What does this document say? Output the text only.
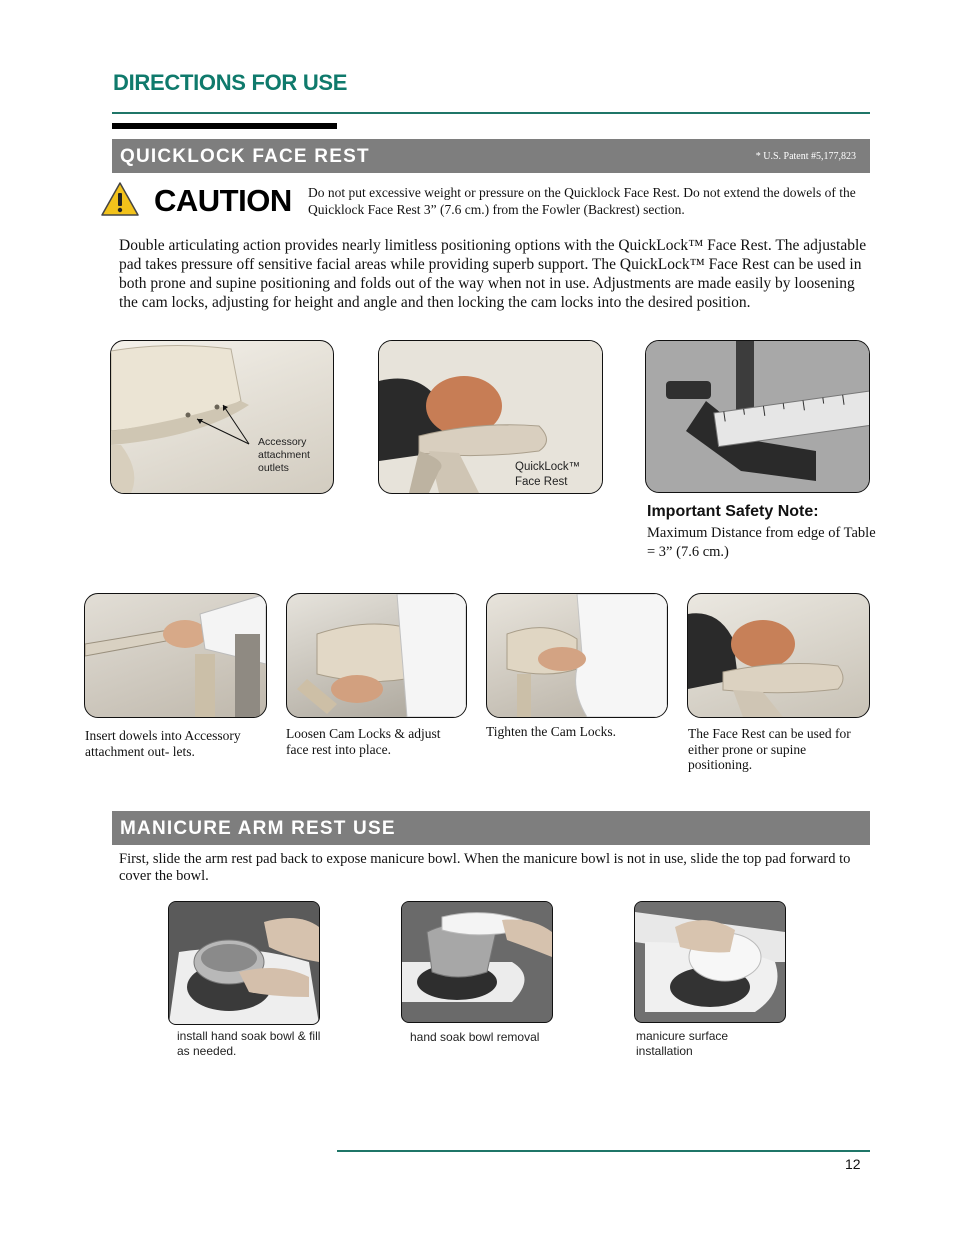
DIRECTIONS FOR USE
QUICKLOCK FACE REST	* U.S. Patent #5,177,823
CAUTION Do not put excessive weight or pressure on the Quicklock Face Rest. Do not extend the dowels of the Quicklock Face Rest 3” (7.6 cm.) from the Fowler (Backrest) section.
Double articulating action provides nearly limitless positioning options with the QuickLock™ Face Rest. The adjustable pad takes pressure off sensitive facial areas while providing superb support. The QuickLock™ Face Rest can be used in both prone and supine positioning and folds out of the way when not in use. Adjustments are made easily by loosening the cam locks, adjusting for height and angle and then locking the cam locks into the desired position.
Accessory attachment outlets	QuickLock™ Face Rest
Important Safety Note:
Maximum Distance from edge of Table = 3” (7.6 cm.)
Insert dowels into Accessory attachment out- lets.
Loosen Cam Locks & adjust face rest into place.
Tighten the Cam Locks.	The Face Rest can be used for either prone or supine positioning.
MANICURE ARM REST USE
First, slide the arm rest pad back to expose manicure bowl. When the manicure bowl is not in use, slide the top pad forward to cover the bowl.
install hand soak bowl & fill as needed.
hand soak bowl removal	manicure surface installation
12
